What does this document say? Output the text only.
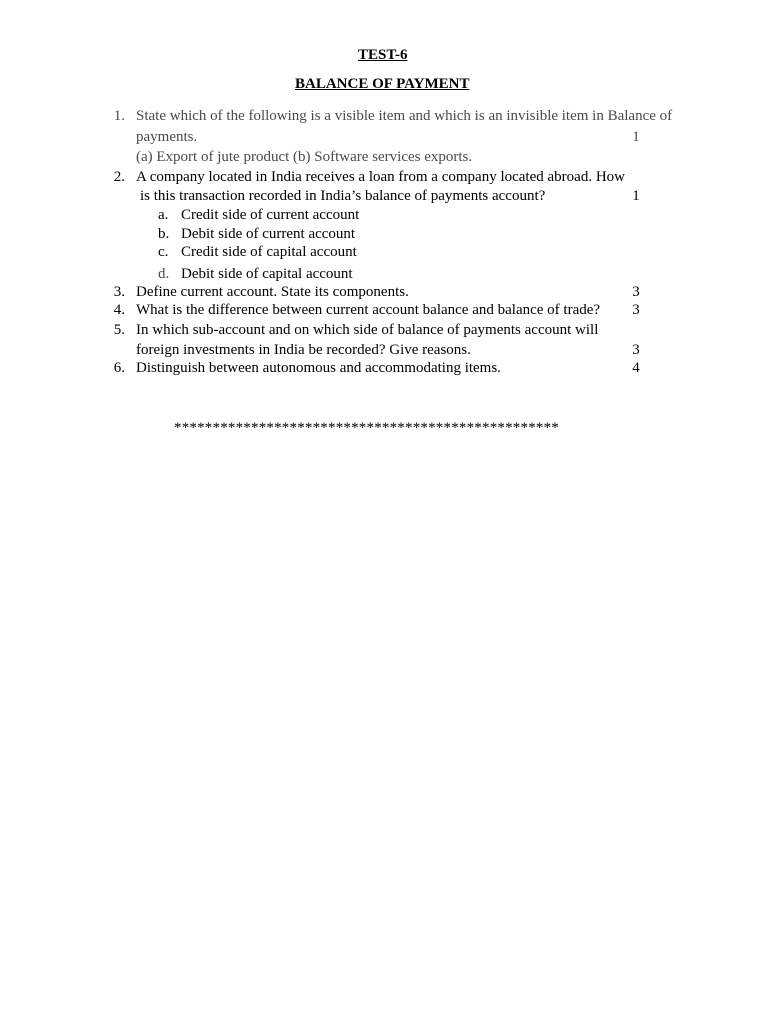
TEST-6
BALANCE OF PAYMENT
1. State which of the following is a visible item and which is an invisible item in Balance of
payments.	1
(a) Export of jute product (b) Software services exports.
2. A company located in India receives a loan from a company located abroad. How
is this transaction recorded in India’s balance of payments account?	1
a. Credit side of current account
b. Debit side of current account
c. Credit side of capital account
d. Debit side of capital account
3. Define current account. State its components.	3
4. What is the difference between current account balance and balance of trade? 3
5. In which sub-account and on which side of balance of payments account will
foreign investments in India be recorded? Give reasons.	3
6. Distinguish between autonomous and accommodating items.	4
**************************************************
